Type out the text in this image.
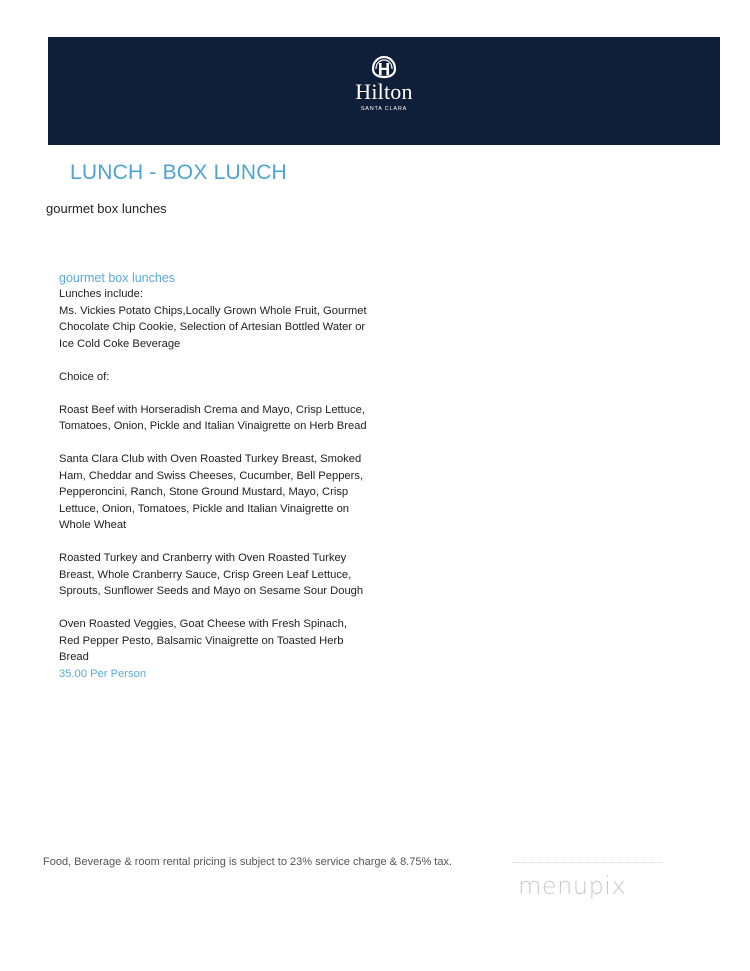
Hilton
SANTA CLARA
LUNCH - BOX LUNCH
gourmet box lunches
gourmet box lunches

Lunches include:
Ms. Vickies Potato Chips,Locally Grown Whole Fruit, Gourmet Chocolate Chip Cookie, Selection of Artesian Bottled Water or Ice Cold Coke Beverage

Choice of:

Roast Beef with Horseradish Crema and Mayo, Crisp Lettuce, Tomatoes, Onion, Pickle and Italian Vinaigrette on Herb Bread

Santa Clara Club with Oven Roasted Turkey Breast, Smoked Ham, Cheddar and Swiss Cheeses, Cucumber, Bell Peppers, Pepperoncini, Ranch, Stone Ground Mustard, Mayo, Crisp Lettuce, Onion, Tomatoes, Pickle and Italian Vinaigrette on Whole Wheat

Roasted Turkey and Cranberry with Oven Roasted Turkey Breast, Whole Cranberry Sauce, Crisp Green Leaf Lettuce, Sprouts, Sunflower Seeds and Mayo on Sesame Sour Dough

Oven Roasted Veggies, Goat Cheese with Fresh Spinach, Red Pepper Pesto, Balsamic Vinaigrette on Toasted Herb Bread

35.00 Per Person
Food, Beverage & room rental pricing is subject to 23% service charge & 8.75% tax.
menupix
